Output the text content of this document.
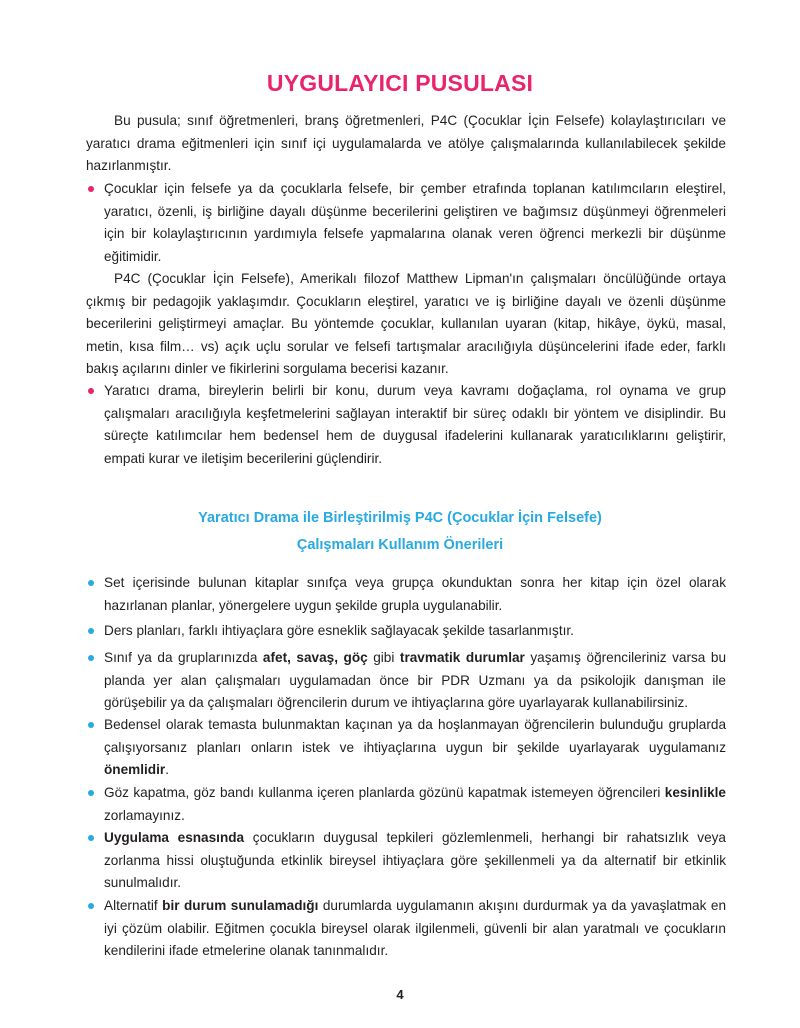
UYGULAYICI PUSULASI
Bu pusula; sınıf öğretmenleri, branş öğretmenleri, P4C (Çocuklar İçin Felsefe) kolaylaştırıcıları ve yaratıcı drama eğitmenleri için sınıf içi uygulamalarda ve atölye çalışmalarında kullanılabilecek şekilde hazırlanmıştır.
Çocuklar için felsefe ya da çocuklarla felsefe, bir çember etrafında toplanan katılımcıların eleştirel, yaratıcı, özenli, iş birliğine dayalı düşünme becerilerini geliştiren ve bağımsız düşünmeyi öğrenmeleri için bir kolaylaştırıcının yardımıyla felsefe yapmalarına olanak veren öğrenci merkezli bir düşünme eğitimidir.
P4C (Çocuklar İçin Felsefe), Amerikalı filozof Matthew Lipman'ın çalışmaları öncülüğünde ortaya çıkmış bir pedagojik yaklaşımdır. Çocukların eleştirel, yaratıcı ve iş birliğine dayalı ve özenli düşünme becerilerini geliştirmeyi amaçlar. Bu yöntemde çocuklar, kullanılan uyaran (kitap, hikâye, öykü, masal, metin, kısa film… vs) açık uçlu sorular ve felsefi tartışmalar aracılığıyla düşüncelerini ifade eder, farklı bakış açılarını dinler ve fikirlerini sorgulama becerisi kazanır.
Yaratıcı drama, bireylerin belirli bir konu, durum veya kavramı doğaçlama, rol oynama ve grup çalışmaları aracılığıyla keşfetmelerini sağlayan interaktif bir süreç odaklı bir yöntem ve disiplindir. Bu süreçte katılımcılar hem bedensel hem de duygusal ifadelerini kullanarak yaratıcılıklarını geliştirir, empati kurar ve iletişim becerilerini güçlendirir.
Yaratıcı Drama ile Birleştirilmiş P4C (Çocuklar İçin Felsefe)
Çalışmaları Kullanım Önerileri
Set içerisinde bulunan kitaplar sınıfça veya grupça okunduktan sonra her kitap için özel olarak hazırlanan planlar, yönergelere uygun şekilde grupla uygulanabilir.
Ders planları, farklı ihtiyaçlara göre esneklik sağlayacak şekilde tasarlanmıştır.
Sınıf ya da gruplarınızda afet, savaş, göç gibi travmatik durumlar yaşamış öğrencileriniz varsa bu planda yer alan çalışmaları uygulamadan önce bir PDR Uzmanı ya da psikolojik danışman ile görüşebilir ya da çalışmaları öğrencilerin durum ve ihtiyaçlarına göre uyarlayarak kullanabilirsiniz.
Bedensel olarak temasta bulunmaktan kaçınan ya da hoşlanmayan öğrencilerin bulunduğu gruplarda çalışıyorsanız planları onların istek ve ihtiyaçlarına uygun bir şekilde uyarlayarak uygulamanız önemlidir.
Göz kapatma, göz bandı kullanma içeren planlarda gözünü kapatmak istemeyen öğrencileri kesinlikle zorlamayınız.
Uygulama esnasında çocukların duygusal tepkileri gözlemlenmeli, herhangi bir rahatsızlık veya zorlanma hissi oluştuğunda etkinlik bireysel ihtiyaçlara göre şekillenmeli ya da alternatif bir etkinlik sunulmalıdır.
Alternatif bir durum sunulamadığı durumlarda uygulamanın akışını durdurmak ya da yavaşlatmak en iyi çözüm olabilir. Eğitmen çocukla bireysel olarak ilgilenmeli, güvenli bir alan yaratmalı ve çocukların kendilerini ifade etmelerine olanak tanınmalıdır.
4
